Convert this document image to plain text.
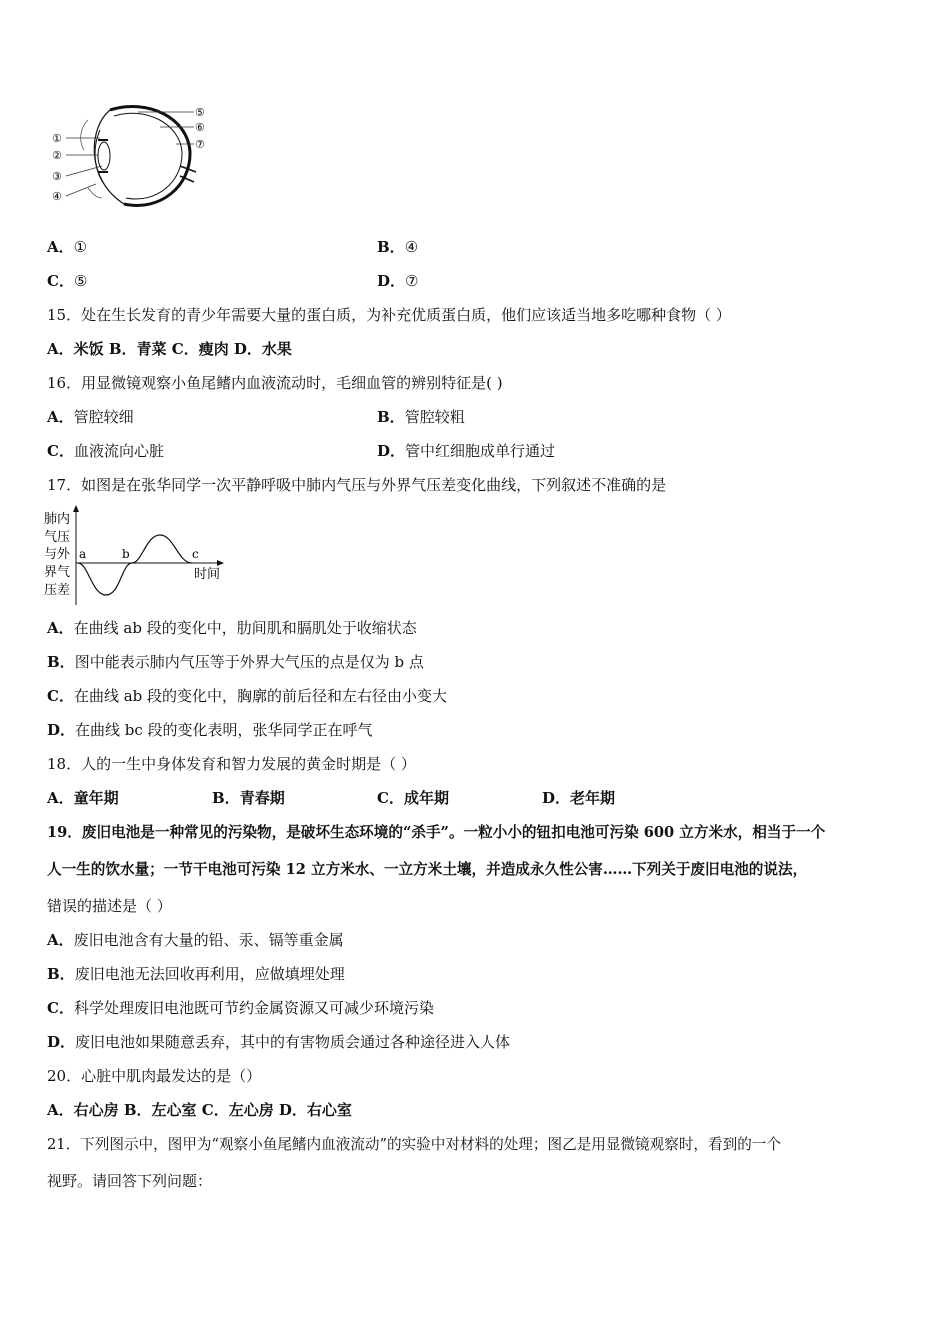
①
②
③
④
⑤
⑥
⑦
A．①	B．④
C．⑤	D．⑦
15．处在生长发育的青少年需要大量的蛋白质，为补充优质蛋白质，他们应该适当地多吃哪种食物（ ）
A．米饭 B．青菜 C．瘦肉 D．水果
16．用显微镜观察小鱼尾鳍内血液流动时，毛细血管的辨别特征是( )
A．管腔较细	B．管腔较粗
C．血液流向心脏	D．管中红细胞成单行通过
17．如图是在张华同学一次平静呼吸中肺内气压与外界气压差变化曲线，下列叙述不准确的是
肺内
气压
与外
界气
压差
a	b	c
时间
A．在曲线 ab 段的变化中，肋间肌和膈肌处于收缩状态
B．图中能表示肺内气压等于外界大气压的点是仅为 b 点
C．在曲线 ab 段的变化中，胸廓的前后径和左右径由小变大
D．在曲线 bc 段的变化表明，张华同学正在呼气
18．人的一生中身体发育和智力发展的黄金时期是（ ）
A．童年期	B．青春期	C．成年期	D．老年期
19．废旧电池是一种常见的污染物，是破坏生态环境的“杀手”。一粒小小的钮扣电池可污染 600 立方米水，相当于一个
人一生的饮水量；一节干电池可污染 12 立方米水、一立方米土壤，并造成永久性公害……下列关于废旧电池的说法，
错误的描述是（ ）
A．废旧电池含有大量的铅、汞、镉等重金属
B．废旧电池无法回收再利用，应做填埋处理
C．科学处理废旧电池既可节约金属资源又可减少环境污染
D．废旧电池如果随意丢弃，其中的有害物质会通过各种途径进入人体
20．心脏中肌肉最发达的是（）
A．右心房 B．左心室 C．左心房 D．右心室
21．下列图示中，图甲为“观察小鱼尾鳍内血液流动”的实验中对材料的处理；图乙是用显微镜观察时，看到的一个
视野。请回答下列问题：
